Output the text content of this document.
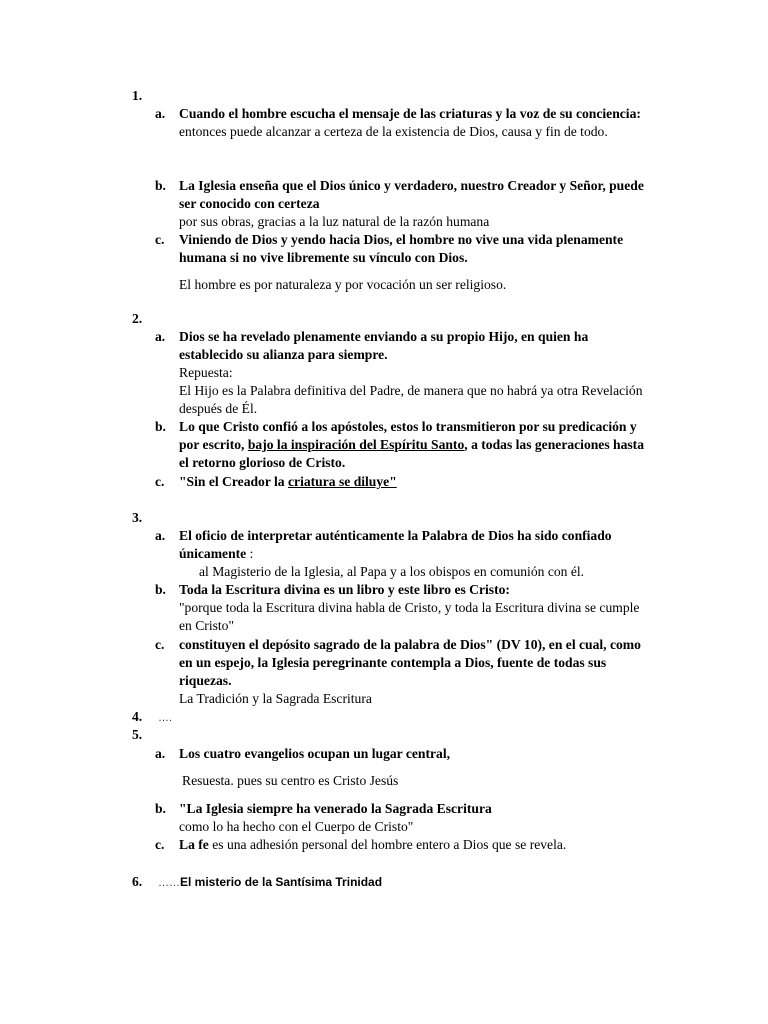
1.
a. Cuando el hombre escucha el mensaje de las criaturas y la voz de su conciencia:
entonces puede alcanzar a certeza de la existencia de Dios, causa y fin de todo.
b. La Iglesia enseña que el Dios único y verdadero, nuestro Creador y Señor, puede ser conocido con certeza
por sus obras, gracias a la luz natural de la razón humana
c. Viniendo de Dios y yendo hacia Dios, el hombre no vive una vida plenamente humana si no vive libremente su vínculo con Dios.
El hombre es por naturaleza y por vocación un ser religioso.
2.
a. Dios se ha revelado plenamente enviando a su propio Hijo, en quien ha establecido su alianza para siempre.
Repuesta:
El Hijo es la Palabra definitiva del Padre, de manera que no habrá ya otra Revelación después de Él.
b. Lo que Cristo confió a los apóstoles, estos lo transmitieron por su predicación y por escrito, bajo la inspiración del Espíritu Santo, a todas las generaciones hasta el retorno glorioso de Cristo.
c. "Sin el Creador la criatura se diluye"
3.
a. El oficio de interpretar auténticamente la Palabra de Dios ha sido confiado únicamente :
al Magisterio de la Iglesia, al Papa y a los obispos en comunión con él.
b. Toda la Escritura divina es un libro y este libro es Cristo:
"porque toda la Escritura divina habla de Cristo, y toda la Escritura divina se cumple en Cristo"
c. constituyen el depósito sagrado de la palabra de Dios" (DV 10), en el cual, como en un espejo, la Iglesia peregrinante contempla a Dios, fuente de todas sus riquezas.
La Tradición y la Sagrada Escritura
4. ….
5.
a. Los cuatro evangelios ocupan un lugar central,
Resuesta. pues su centro es Cristo Jesús
b. "La Iglesia siempre ha venerado la Sagrada Escritura
como lo ha hecho con el Cuerpo de Cristo"
c. La fe es una adhesión personal del hombre entero a Dios que se revela.
6. ……El misterio de la Santísima Trinidad
